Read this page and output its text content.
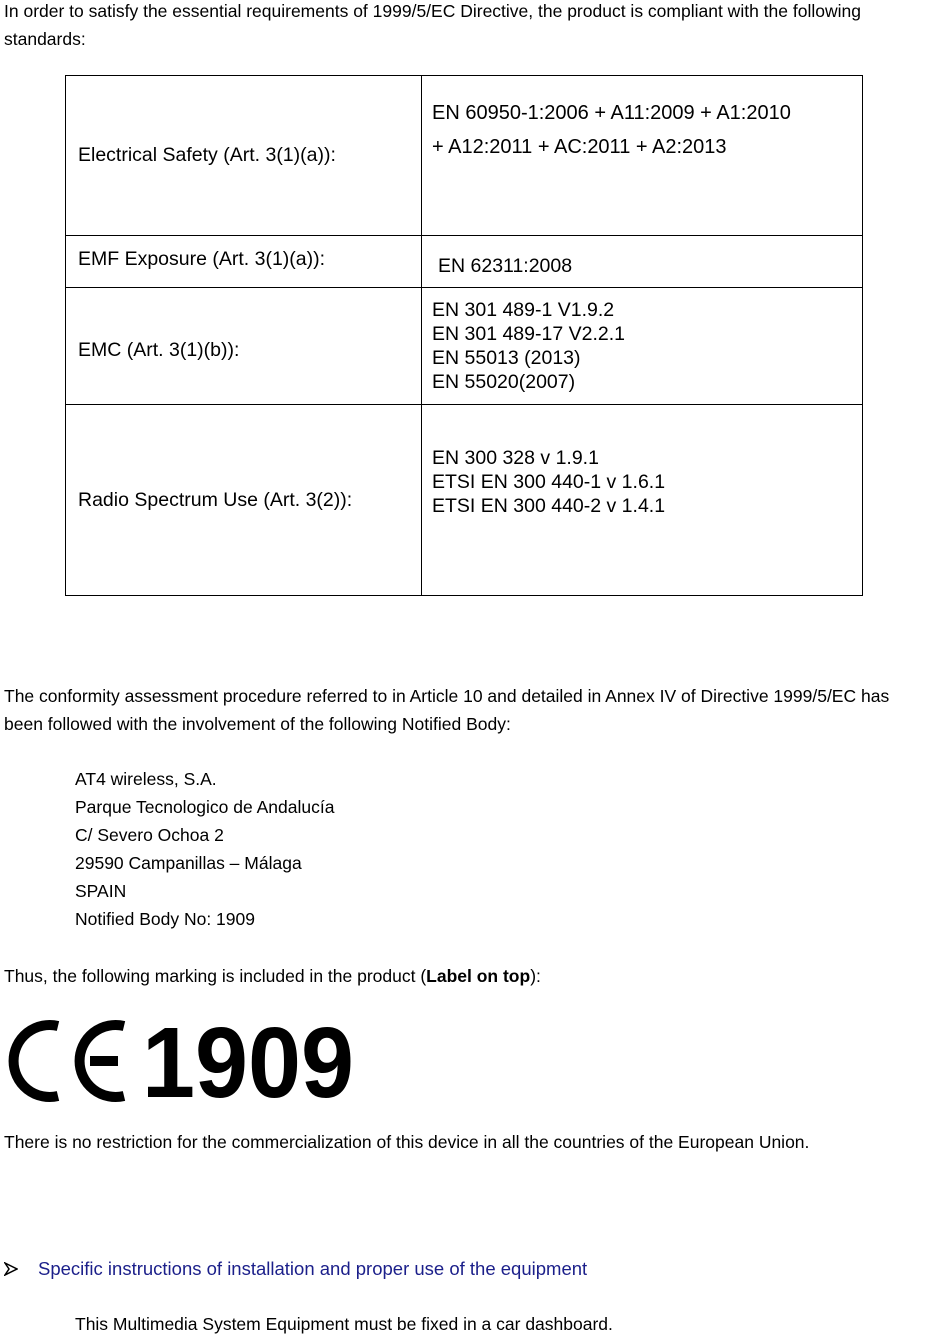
In order to satisfy the essential requirements of 1999/5/EC Directive, the product is compliant with the following standards:
Electrical Safety (Art. 3(1)(a)):	EN 60950-1:2006 + A11:2009 + A1:2010
+ A12:2011 + AC:2011 + A2:2013

EMF Exposure (Art. 3(1)(a)):	EN 62311:2008

EMC (Art. 3(1)(b)):	EN 301 489-1 V1.9.2
EN 301 489-17 V2.2.1
EN 55013 (2013)
EN 55020(2007)

Radio Spectrum Use (Art. 3(2)):	EN 300 328 v 1.9.1
ETSI EN 300 440-1 v 1.6.1
ETSI EN 300 440-2 v 1.4.1
The conformity assessment procedure referred to in Article 10 and detailed in Annex IV of Directive 1999/5/EC has been followed with the involvement of the following Notified Body:
AT4 wireless, S.A.
Parque Tecnologico de Andalucía
C/ Severo Ochoa 2
29590 Campanillas – Málaga
SPAIN
Notified Body No: 1909
Thus, the following marking is included in the product (Label on top):
1909
There is no restriction for the commercialization of this device in all the countries of the European Union.
Specific instructions of installation and proper use of the equipment
This Multimedia System Equipment must be fixed in a car dashboard.
